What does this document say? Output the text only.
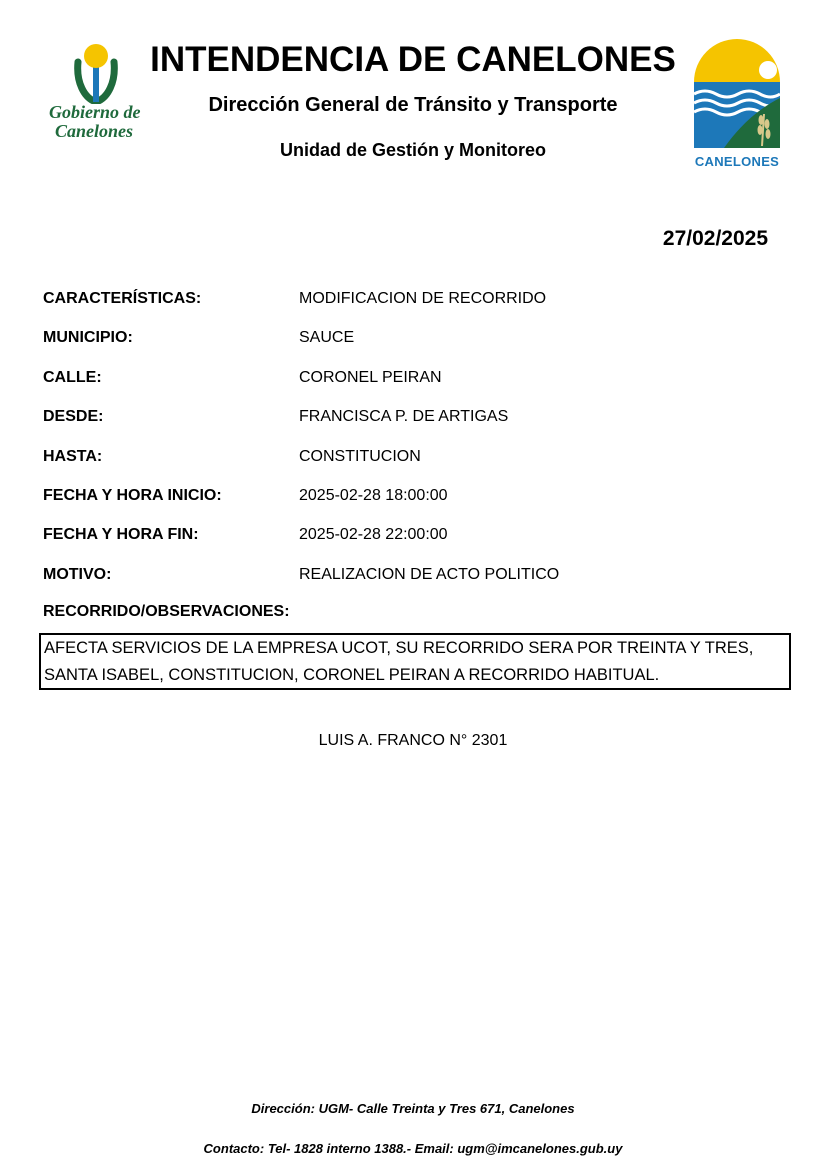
Gobierno de
Canelones
INTENDENCIA DE CANELONES
Dirección General de Tránsito y Transporte
Unidad de Gestión y Monitoreo
CANELONES
27/02/2025
CARACTERÍSTICAS:	MODIFICACION DE RECORRIDO
MUNICIPIO:	SAUCE
CALLE:	CORONEL PEIRAN
DESDE:	FRANCISCA P. DE ARTIGAS
HASTA:	CONSTITUCION
FECHA Y HORA INICIO:	2025-02-28 18:00:00
FECHA Y HORA FIN:	2025-02-28 22:00:00
MOTIVO:	REALIZACION DE ACTO POLITICO
RECORRIDO/OBSERVACIONES:
AFECTA SERVICIOS DE LA EMPRESA UCOT, SU RECORRIDO SERA POR TREINTA Y TRES,
SANTA ISABEL, CONSTITUCION, CORONEL PEIRAN A RECORRIDO HABITUAL.
LUIS A. FRANCO N° 2301
Dirección: UGM- Calle Treinta y Tres 671, Canelones
Contacto: Tel- 1828 interno 1388.- Email: ugm@imcanelones.gub.uy
